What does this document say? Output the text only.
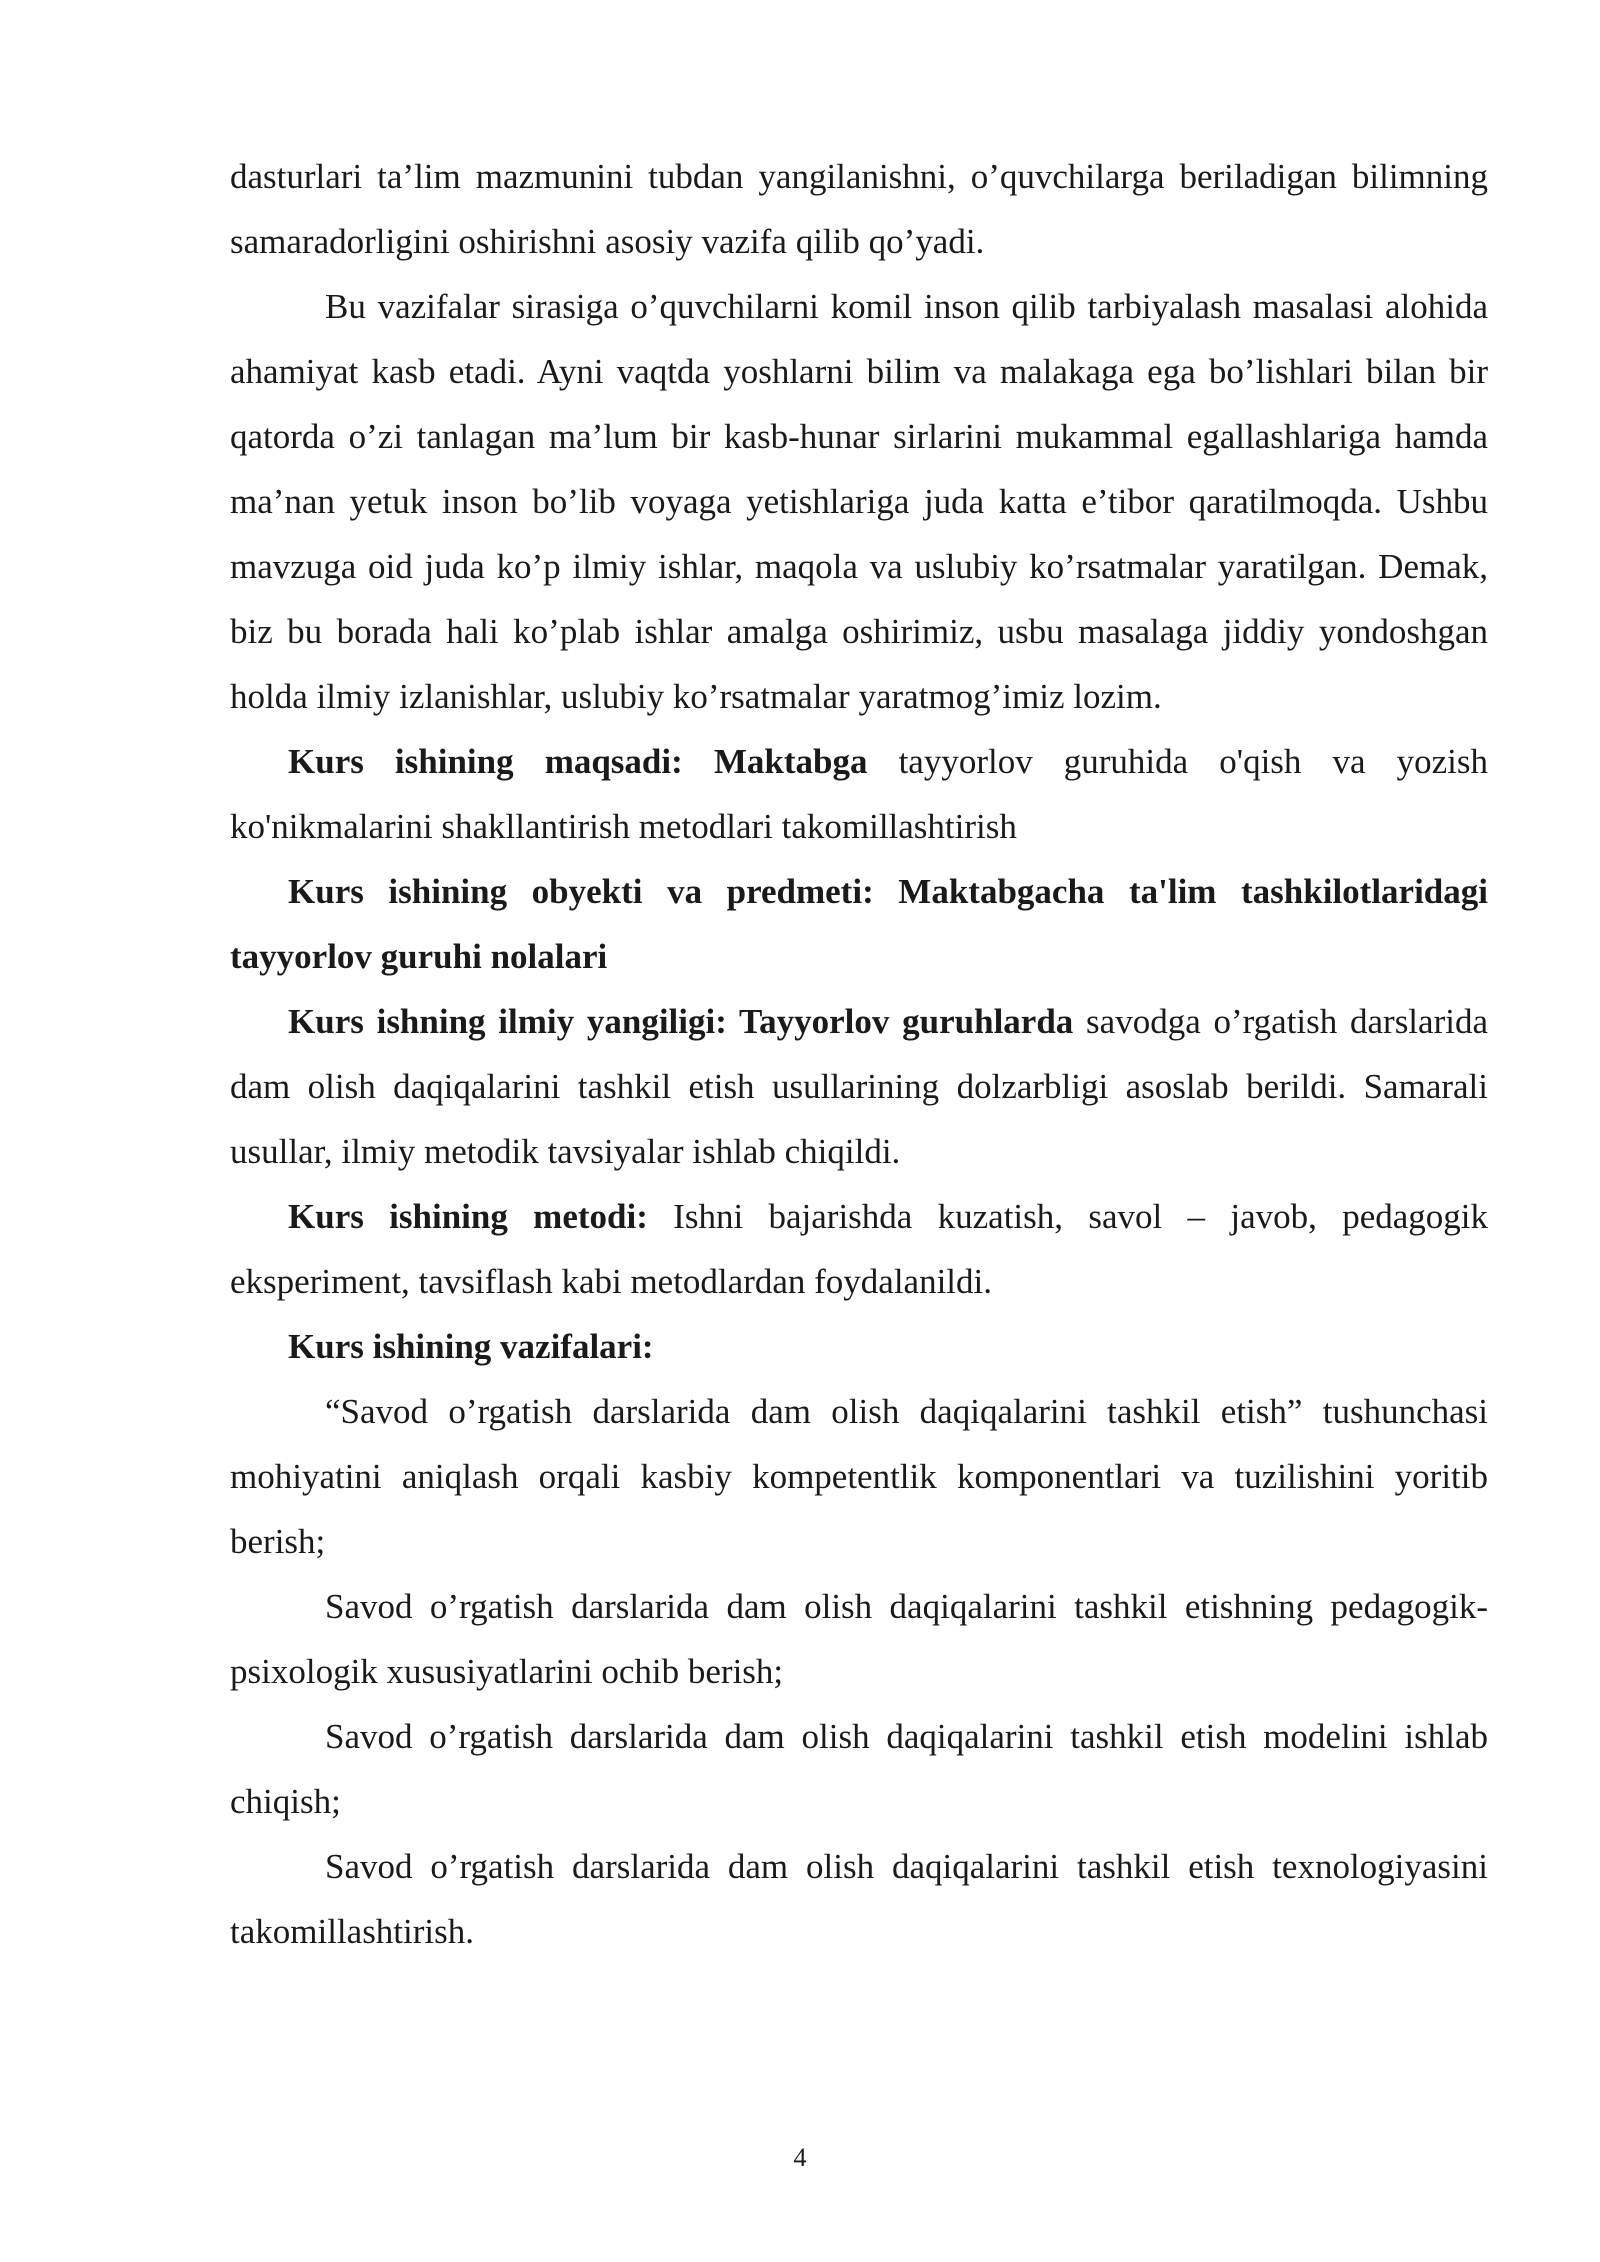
dasturlari ta’lim mazmunini tubdan yangilanishni, o’quvchilarga beriladigan bilimning samaradorligini oshirishni asosiy vazifa qilib qo’yadi.

Bu vazifalar sirasiga o’quvchilarni komil inson qilib tarbiyalash masalasi alohida ahamiyat kasb etadi. Ayni vaqtda yoshlarni bilim va malakaga ega bo’lishlari bilan bir qatorda o’zi tanlagan ma’lum bir kasb-hunar sirlarini mukammal egallashlariga hamda ma’nan yetuk inson bo’lib voyaga yetishlariga juda katta e’tibor qaratilmoqda. Ushbu mavzuga oid juda ko’p ilmiy ishlar, maqola va uslubiy ko’rsatmalar yaratilgan. Demak, biz bu borada hali ko’plab ishlar amalga oshirimiz, usbu masalaga jiddiy yondoshgan holda ilmiy izlanishlar, uslubiy ko’rsatmalar yaratmog’imiz lozim.

Kurs ishining maqsadi: Maktabga tayyorlov guruhida o'qish va yozish ko'nikmalarini shakllantirish metodlari takomillashtirish

Kurs ishining obyekti va predmeti: Maktabgacha ta'lim tashkilotlaridagi tayyorlov guruhi nolalari

Kurs ishning ilmiy yangiligi: Tayyorlov guruhlarda savodga o’rgatish darslarida dam olish daqiqalarini tashkil etish usullarining dolzarbligi asoslab berildi. Samarali usullar, ilmiy metodik tavsiyalar ishlab chiqildi.

Kurs ishining metodi: Ishni bajarishda kuzatish, savol – javob, pedagogik eksperiment, tavsiflash kabi metodlardan foydalanildi.

Kurs ishining vazifalari:

“Savod o’rgatish darslarida dam olish daqiqalarini tashkil etish” tushunchasi mohiyatini aniqlash orqali kasbiy kompetentlik komponentlari va tuzilishini yoritib berish;

Savod o’rgatish darslarida dam olish daqiqalarini tashkil etishning pedagogik-psixologik xususiyatlarini ochib berish;

Savod o’rgatish darslarida dam olish daqiqalarini tashkil etish modelini ishlab chiqish;

Savod o’rgatish darslarida dam olish daqiqalarini tashkil etish texnologiyasini takomillashtirish.

4
